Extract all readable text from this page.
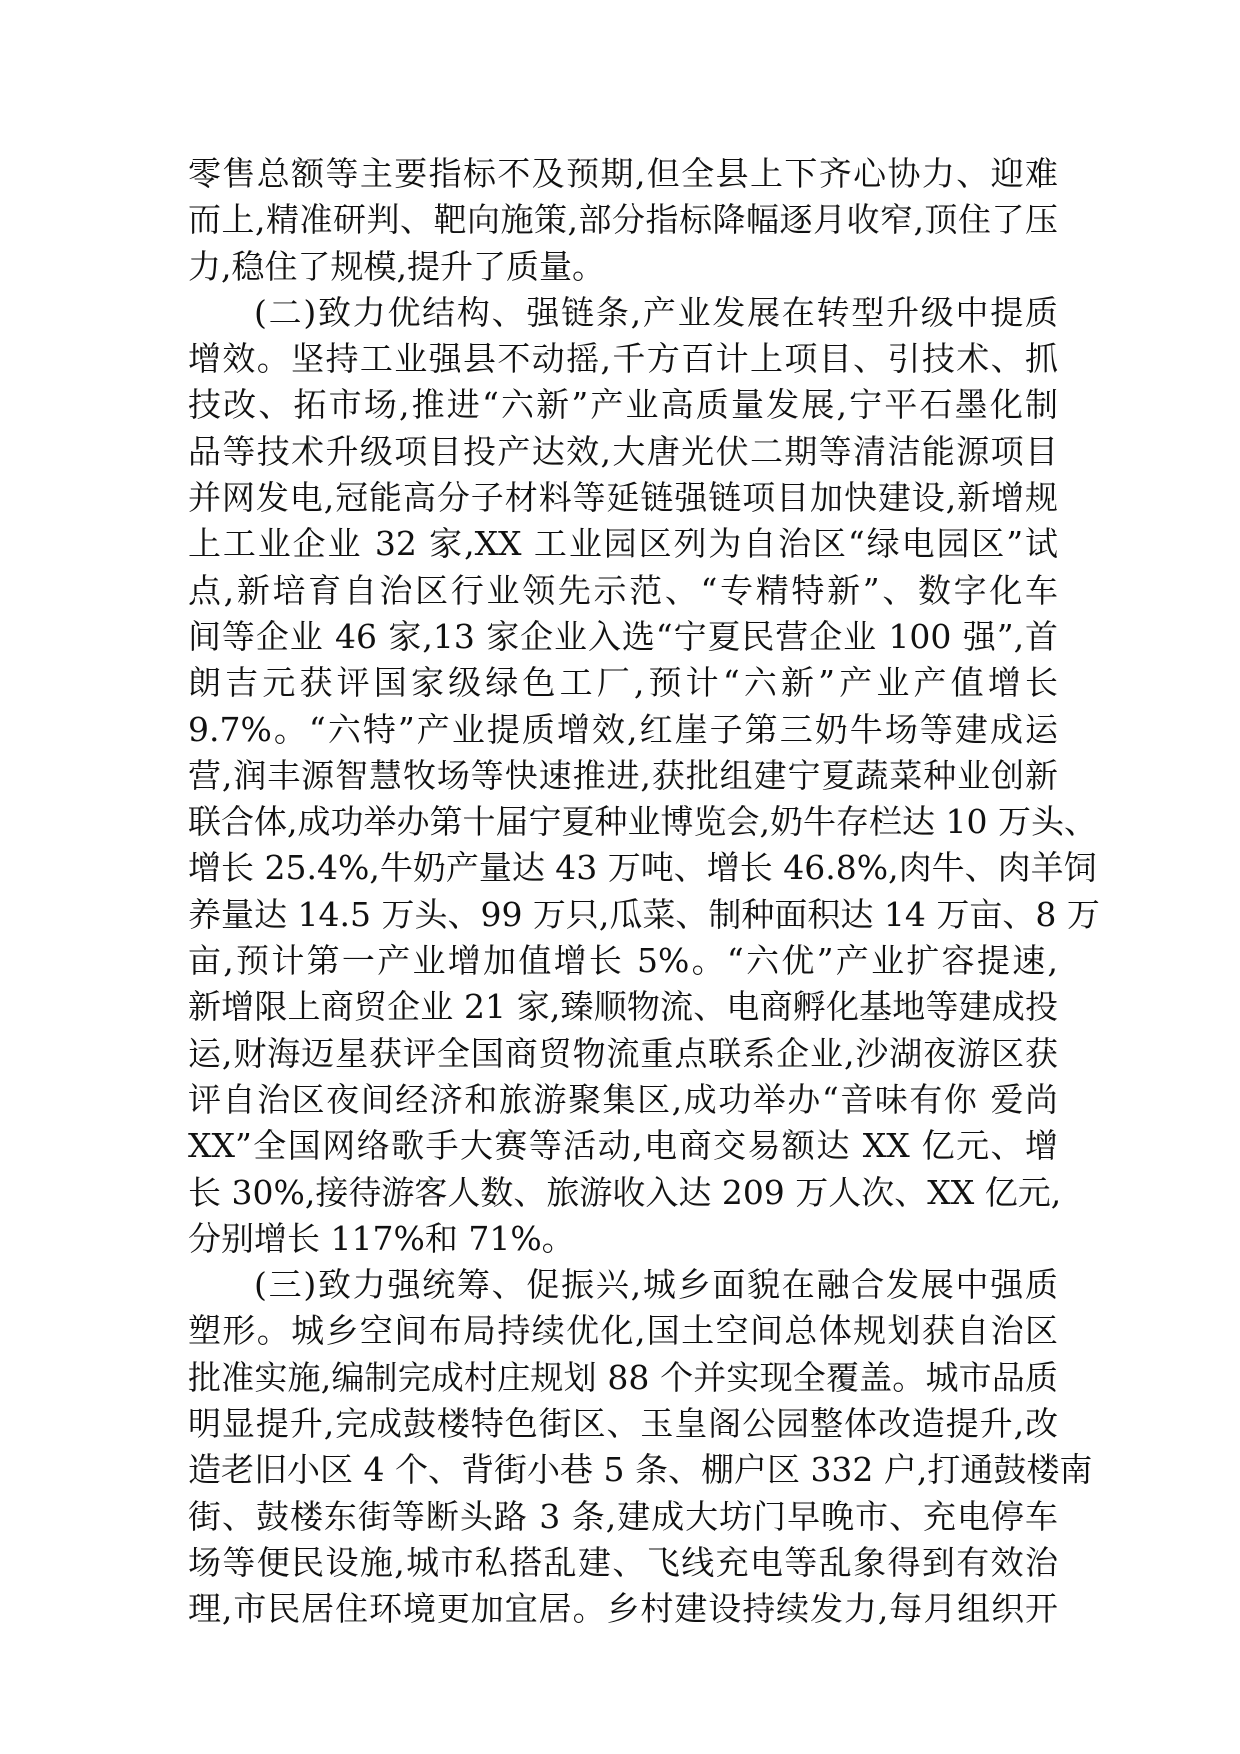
零售总额等主要指标不及预期,但全县上下齐心协力、迎难
而上,精准研判、靶向施策,部分指标降幅逐月收窄,顶住了压
力,稳住了规模,提升了质量。
(二)致力优结构、强链条,产业发展在转型升级中提质
增效。坚持工业强县不动摇,千方百计上项目、引技术、抓
技改、拓市场,推进“六新”产业高质量发展,宁平石墨化制
品等技术升级项目投产达效,大唐光伏二期等清洁能源项目
并网发电,冠能高分子材料等延链强链项目加快建设,新增规
上工业企业 32 家,XX 工业园区列为自治区“绿电园区”试
点,新培育自治区行业领先示范、“专精特新”、数字化车
间等企业 46 家,13 家企业入选“宁夏民营企业 100 强”,首
朗吉元获评国家级绿色工厂,预计“六新”产业产值增长
9.7%。“六特”产业提质增效,红崖子第三奶牛场等建成运
营,润丰源智慧牧场等快速推进,获批组建宁夏蔬菜种业创新
联合体,成功举办第十届宁夏种业博览会,奶牛存栏达 10 万头、
增长 25.4%,牛奶产量达 43 万吨、增长 46.8%,肉牛、肉羊饲
养量达 14.5 万头、99 万只,瓜菜、制种面积达 14 万亩、8 万
亩,预计第一产业增加值增长 5%。“六优”产业扩容提速,
新增限上商贸企业 21 家,臻顺物流、电商孵化基地等建成投
运,财海迈星获评全国商贸物流重点联系企业,沙湖夜游区获
评自治区夜间经济和旅游聚集区,成功举办“音味有你 爱尚
XX”全国网络歌手大赛等活动,电商交易额达 XX 亿元、增
长 30%,接待游客人数、旅游收入达 209 万人次、XX 亿元,
分别增长 117%和 71%。
(三)致力强统筹、促振兴,城乡面貌在融合发展中强质
塑形。城乡空间布局持续优化,国土空间总体规划获自治区
批准实施,编制完成村庄规划 88 个并实现全覆盖。城市品质
明显提升,完成鼓楼特色街区、玉皇阁公园整体改造提升,改
造老旧小区 4 个、背街小巷 5 条、棚户区 332 户,打通鼓楼南
街、鼓楼东街等断头路 3 条,建成大坊门早晚市、充电停车
场等便民设施,城市私搭乱建、飞线充电等乱象得到有效治
理,市民居住环境更加宜居。乡村建设持续发力,每月组织开
